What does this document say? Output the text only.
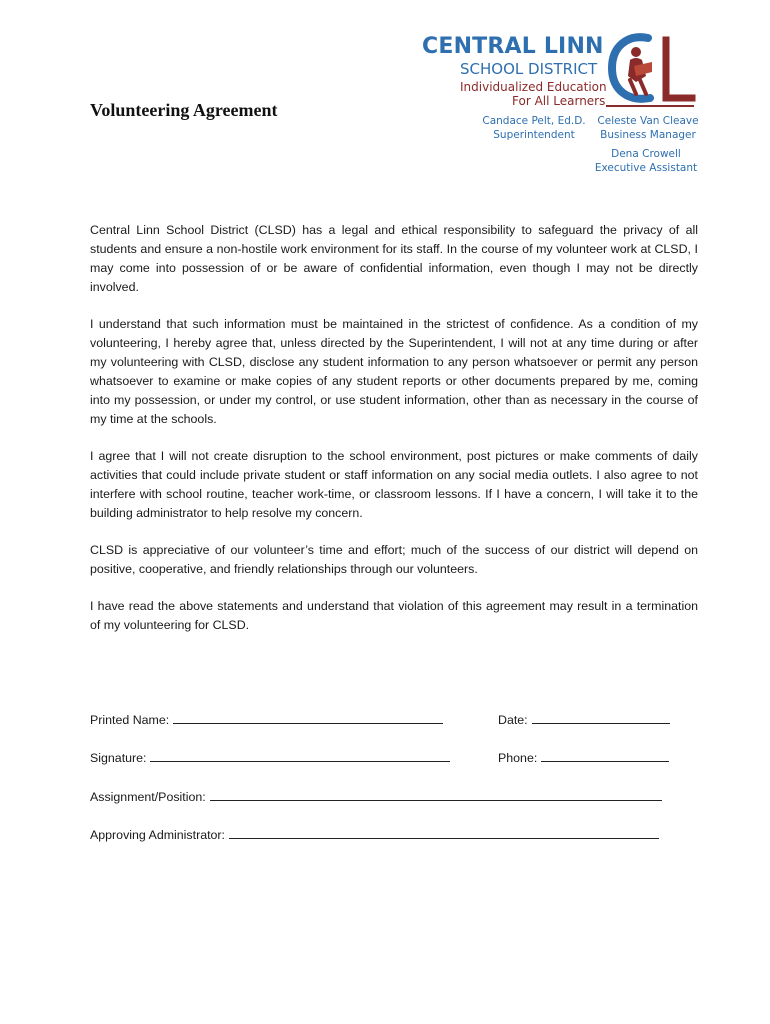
CENTRAL LINN
SCHOOL DISTRICT
Individualized Education
For All Learners
Volunteering Agreement
Candace Pelt, Ed.D.
Superintendent
Celeste Van Cleave
Business Manager
Dena Crowell
Executive Assistant

Central Linn School District (CLSD) has a legal and ethical responsibility to safeguard the privacy of all students and ensure a non-hostile work environment for its staff. In the course of my volunteer work at CLSD, I may come into possession of or be aware of confidential information, even though I may not be directly involved.

I understand that such information must be maintained in the strictest of confidence. As a condition of my volunteering, I hereby agree that, unless directed by the Superintendent, I will not at any time during or after my volunteering with CLSD, disclose any student information to any person whatsoever or permit any person whatsoever to examine or make copies of any student reports or other documents prepared by me, coming into my possession, or under my control, or use student information, other than as necessary in the course of my time at the schools.

I agree that I will not create disruption to the school environment, post pictures or make comments of daily activities that could include private student or staff information on any social media outlets. I also agree to not interfere with school routine, teacher work-time, or classroom lessons. If I have a concern, I will take it to the building administrator to help resolve my concern.

CLSD is appreciative of our volunteer’s time and effort; much of the success of our district will depend on positive, cooperative, and friendly relationships through our volunteers.

I have read the above statements and understand that violation of this agreement may result in a termination of my volunteering for CLSD.

Printed Name:	Date:
Signature:	Phone:
Assignment/Position:
Approving Administrator:
